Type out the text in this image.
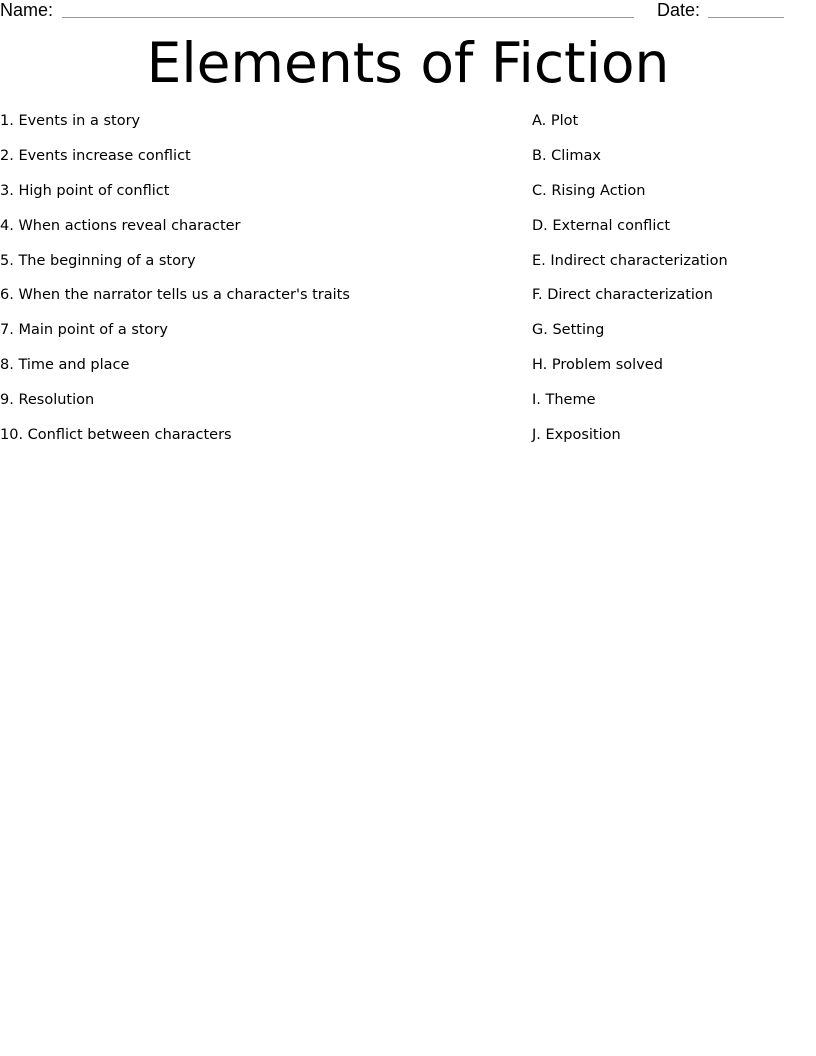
Name:	Date:
Elements of Fiction
1. Events in a story
2. Events increase conflict
3. High point of conflict
4. When actions reveal character
5. The beginning of a story
6. When the narrator tells us a character's traits
7. Main point of a story
8. Time and place
9. Resolution
10. Conflict between characters
A. Plot
B. Climax
C. Rising Action
D. External conflict
E. Indirect characterization
F. Direct characterization
G. Setting
H. Problem solved
I. Theme
J. Exposition
